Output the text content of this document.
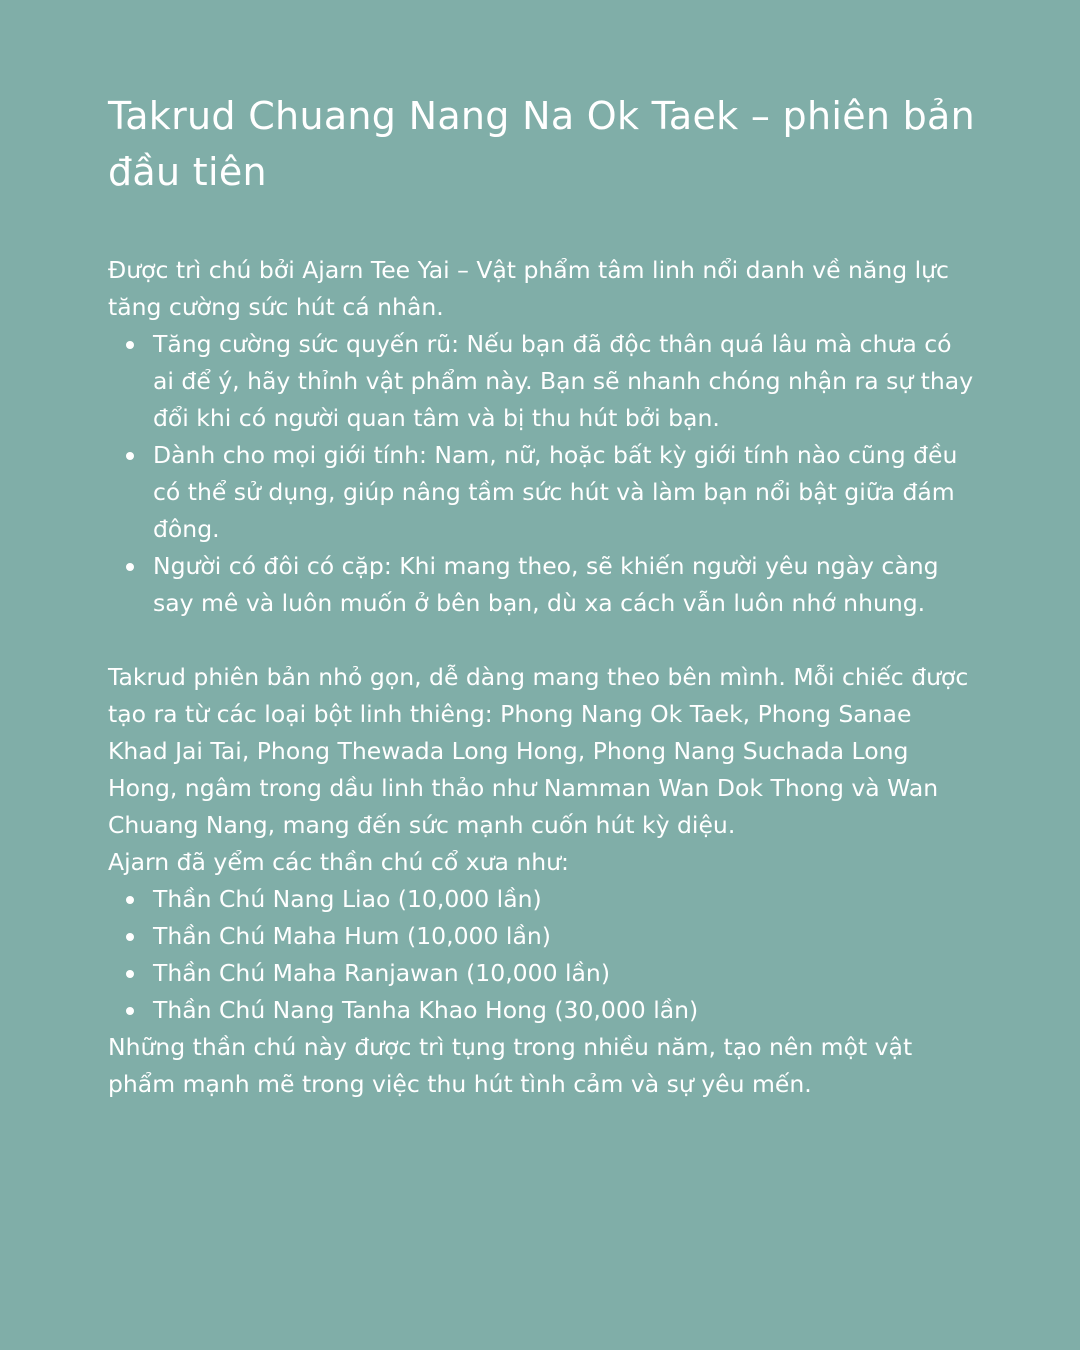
Takrud Chuang Nang Na Ok Taek – phiên bản đầu tiên

Được trì chú bởi Ajarn Tee Yai – Vật phẩm tâm linh nổi danh về năng lực tăng cường sức hút cá nhân.

Tăng cường sức quyến rũ: Nếu bạn đã độc thân quá lâu mà chưa có ai để ý, hãy thỉnh vật phẩm này. Bạn sẽ nhanh chóng nhận ra sự thay đổi khi có người quan tâm và bị thu hút bởi bạn.
Dành cho mọi giới tính: Nam, nữ, hoặc bất kỳ giới tính nào cũng đều có thể sử dụng, giúp nâng tầm sức hút và làm bạn nổi bật giữa đám đông.
Người có đôi có cặp: Khi mang theo, sẽ khiến người yêu ngày càng say mê và luôn muốn ở bên bạn, dù xa cách vẫn luôn nhớ nhung.

Takrud phiên bản nhỏ gọn, dễ dàng mang theo bên mình. Mỗi chiếc được tạo ra từ các loại bột linh thiêng: Phong Nang Ok Taek, Phong Sanae Khad Jai Tai, Phong Thewada Long Hong, Phong Nang Suchada Long Hong, ngâm trong dầu linh thảo như Namman Wan Dok Thong và Wan Chuang Nang, mang đến sức mạnh cuốn hút kỳ diệu.

Ajarn đã yểm các thần chú cổ xưa như:

Thần Chú Nang Liao (10,000 lần)
Thần Chú Maha Hum (10,000 lần)
Thần Chú Maha Ranjawan (10,000 lần)
Thần Chú Nang Tanha Khao Hong (30,000 lần)

Những thần chú này được trì tụng trong nhiều năm, tạo nên một vật phẩm mạnh mẽ trong việc thu hút tình cảm và sự yêu mến.
